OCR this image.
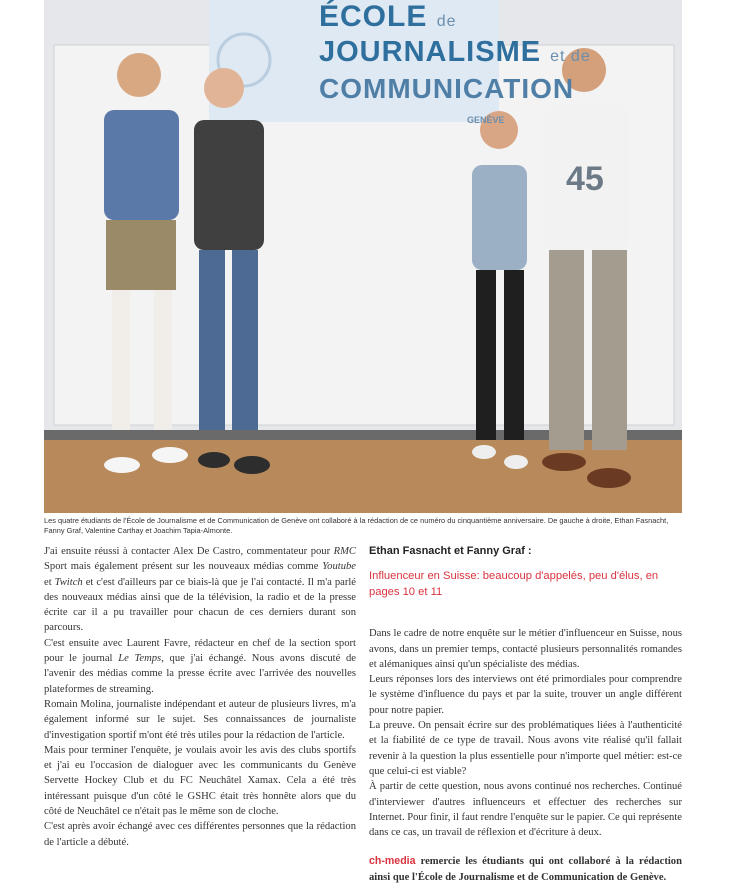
45
ÉCOLE de
JOURNALISME et de
COMMUNICATION
GENÈVE
Les quatre étudiants de l'École de Journalisme et de Communication de Genève ont collaboré à la rédaction de ce numéro du cinquantième anniversaire. De gauche à droite, Ethan Fasnacht, Fanny Graf, Valentine Carthay et Joachim Tapia-Almonte.

J'ai ensuite réussi à contacter Alex De Castro, commentateur pour RMC Sport mais également présent sur les nouveaux médias comme Youtube et Twitch et c'est d'ailleurs par ce biais-là que je l'ai contacté. Il m'a parlé des nouveaux médias ainsi que de la télévision, la radio et de la presse écrite car il a pu travailler pour chacun de ces derniers durant son parcours.

C'est ensuite avec Laurent Favre, rédacteur en chef de la section sport pour le journal Le Temps, que j'ai échangé. Nous avons discuté de l'avenir des médias comme la presse écrite avec l'arrivée des nouvelles plateformes de streaming.

Romain Molina, journaliste indépendant et auteur de plusieurs livres, m'a également informé sur le sujet. Ses connaissances de journaliste d'investigation sportif m'ont été très utiles pour la rédaction de l'article.

Mais pour terminer l'enquête, je voulais avoir les avis des clubs sportifs et j'ai eu l'occasion de dialoguer avec les communicants du Genève Servette Hockey Club et du FC Neuchâtel Xamax. Cela a été très intéressant puisque d'un côté le GSHC était très honnête alors que du côté de Neuchâtel ce n'était pas le même son de cloche.

C'est après avoir échangé avec ces différentes personnes que la rédaction de l'article a débuté.

Ethan Fasnacht et Fanny Graf :
Influenceur en Suisse: beaucoup d'appelés, peu d'élus, en pages 10 et 11

Dans le cadre de notre enquête sur le métier d'influenceur en Suisse, nous avons, dans un premier temps, contacté plusieurs personnalités romandes et alémaniques ainsi qu'un spécialiste des médias.

Leurs réponses lors des interviews ont été primordiales pour comprendre le système d'influence du pays et par la suite, trouver un angle différent pour notre papier.

La preuve. On pensait écrire sur des problématiques liées à l'authenticité et la fiabilité de ce type de travail. Nous avons vite réalisé qu'il fallait revenir à la question la plus essentielle pour n'importe quel métier: est-ce que celui-ci est viable?

À partir de cette question, nous avons continué nos recherches. Continué d'interviewer d'autres influenceurs et effectuer des recherches sur Internet. Pour finir, il faut rendre l'enquête sur le papier. Ce qui représente dans ce cas, un travail de réflexion et d'écriture à deux.

ch-media remercie les étudiants qui ont collaboré à la rédaction ainsi que l'École de Journalisme et de Communication de Genève.
